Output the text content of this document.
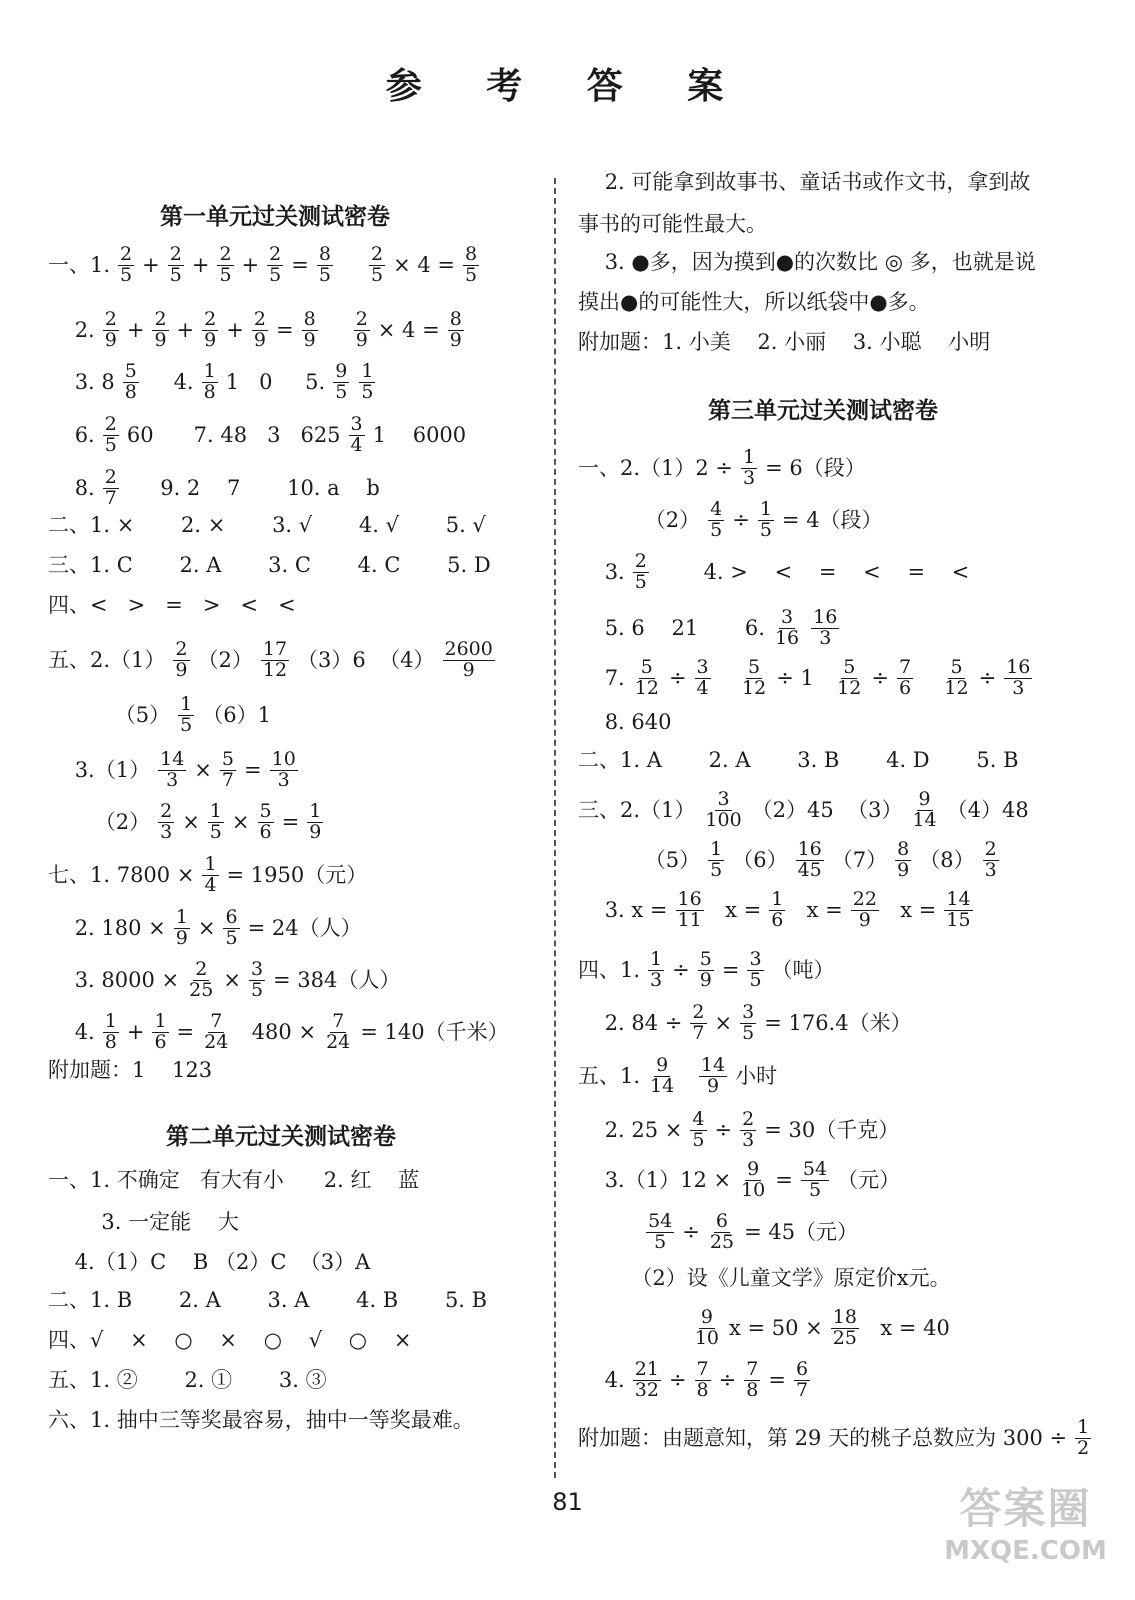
参 考 答 案
第一单元过关测试密卷
一、1. $\frac{2}{5} + \frac{2}{5} + \frac{2}{5} + \frac{2}{5} = \frac{8}{5}$
$\frac{2}{5} \times 4 = \frac{8}{5}$
2. $\frac{2}{9} + \frac{2}{9} + \frac{2}{9} + \frac{2}{9} = \frac{8}{9}$
$\frac{2}{9} \times 4 = \frac{8}{9}$
3. $8 \frac{5}{8} 4$. $\frac{1}{8} 1$   0 5. $\frac{9}{5} \frac{1}{5}$
6. $\frac{2}{5} 60$      7. 48   3   $625 \frac{3}{4} 1$    6000
8. $\frac{2}{7} 9$. 2    7       10. a    b
二、1. ×       2. ×       3. √       4. √       5. √
三、1. C       2. A       3. C       4. C       5. D
四、<   >   =   >   <   <
五、$2.(1) \frac{2}{9} (2) \frac{17}{12} (3)6$  $(4) \frac{2600}{9}$
$(5) \frac{1}{5} (6)1$
$3.(1) \frac{14}{3} \times \frac{5}{7} = \frac{10}{3}$
$(2) \frac{2}{3} \times \frac{1}{5} \times \frac{5}{6} = \frac{1}{9}$
七、1. $7800 \times \frac{1}{4} = 1950$（元）
2. $180 \times \frac{1}{9} \times \frac{6}{5} = 24$（人）
3. $8000 \times \frac{2}{25} \times \frac{3}{5} = 384$（人）
4. $\frac{1}{8} + \frac{1}{6} = \frac{7}{24} 480 \times \frac{7}{24} = 140$（千米）
附加题：1    123
第二单元过关测试密卷
一、1. 不确定   有大有小      2. 红    蓝
3. 一定能    大
4.（1）C    B （2）C  （3）A
二、1. B       2. A       3. A       4. B       5. B
四、√    ×    ○    ×    ○    √    ○    ×
五、1. ②       2. ①       3. ③
六、1. 抽中三等奖最容易，抽中一等奖最难。
2. 可能拿到故事书、童话书或作文书，拿到故
事书的可能性最大。
3. ●多，因为摸到●的次数比 ◎ 多，也就是说
摸出●的可能性大，所以纸袋中●多。
附加题：1. 小美    2. 小丽    3. 小聪    小明
第三单元过关测试密卷
一、$2.(1)2 \div \frac{1}{3} = 6$（段）
$(2) \frac{4}{5} \div \frac{1}{5} = 4$（段）
3. $\frac{2}{5} 4$. >    <    =    <    =    <
5. 6    21       6. $\frac{3}{16} \frac{16}{3}$
7. $\frac{5}{12} \div \frac{3}{4}$
$\frac{5}{12} \div 1 \frac{5}{12} \div \frac{7}{6}$
$\frac{5}{12} \div \frac{16}{3}$
8. 640
二、1. A       2. A       3. B       4. D       5. B
三、$2.(1) \frac{3}{100} (2)45$  $(3) \frac{9}{14} (4)48$
$(5) \frac{1}{5} (6) \frac{16}{45} (7) \frac{8}{9} (8) \frac{2}{3}$
3. $x = \frac{16}{11}$ $x = \frac{1}{6}$ $x = \frac{22}{9}$ $x = \frac{14}{15}$
四、1. $\frac{1}{3} \div \frac{5}{9} = \frac{3}{5}$ （吨）
2. $84 \div \frac{2}{7} \times \frac{3}{5} = 176.4$（米）
五、1. $\frac{9}{14}$
$\frac{14}{9}$ 小时
2. $25 \times \frac{4}{5} \div \frac{2}{3} = 30$（千克）
$3.(1)12 \times \frac{9}{10} = \frac{54}{5}$ （元）

$\frac{54}{5} \div \frac{6}{25} = 45$（元）
（2）设《儿童文学》原定价x元。

$\frac{9}{10}$ $x = 50 \times \frac{18}{25}$ x = 40
4. $\frac{21}{32} \div \frac{7}{8} \div \frac{7}{8} = \frac{6}{7}$
附加题：由题意知，第 29 天的桃子总数应为 $300 \div \frac{1}{2}$
81	答案圈
MXQE.COM
